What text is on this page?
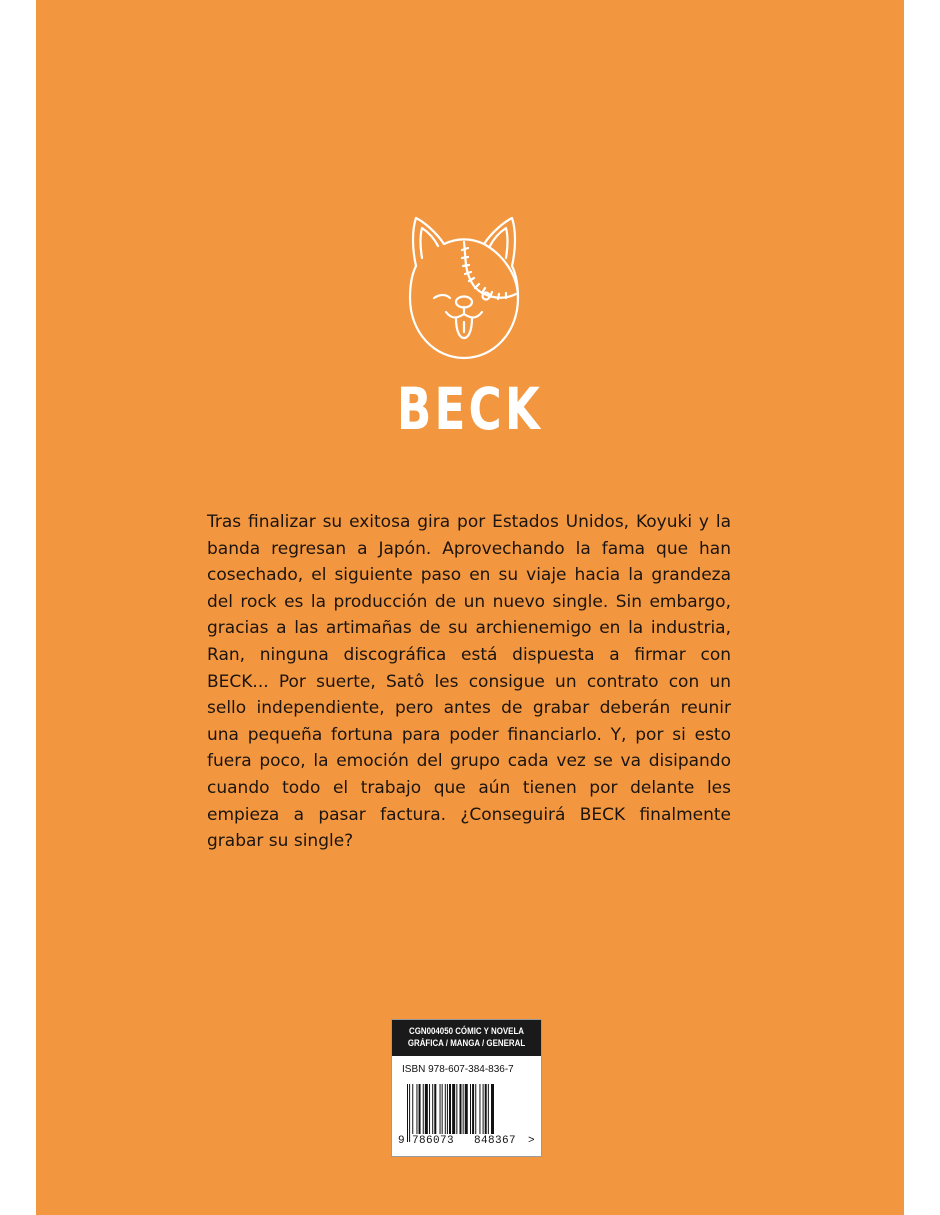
BECK

Tras finalizar su exitosa gira por Estados Unidos, Koyuki y la banda regresan a Japón. Aprovechando la fama que han cosechado, el siguiente paso en su viaje hacia la grandeza del rock es la producción de un nuevo single. Sin embargo, gracias a las artimañas de su archienemigo en la industria, Ran, ninguna discográfica está dispuesta a firmar con BECK... Por suerte, Satô les consigue un contrato con un sello independiente, pero antes de grabar deberán reunir una pequeña fortuna para poder financiarlo. Y, por si esto fuera poco, la emoción del grupo cada vez se va disipando cuando todo el trabajo que aún tienen por delante les empieza a pasar factura. ¿Conseguirá BECK finalmente grabar su single?

CGN004050 CÓMIC Y NOVELA
GRÁFICA / MANGA / GENERAL
ISBN 978-607-384-836-7
9 786073 848367 >
